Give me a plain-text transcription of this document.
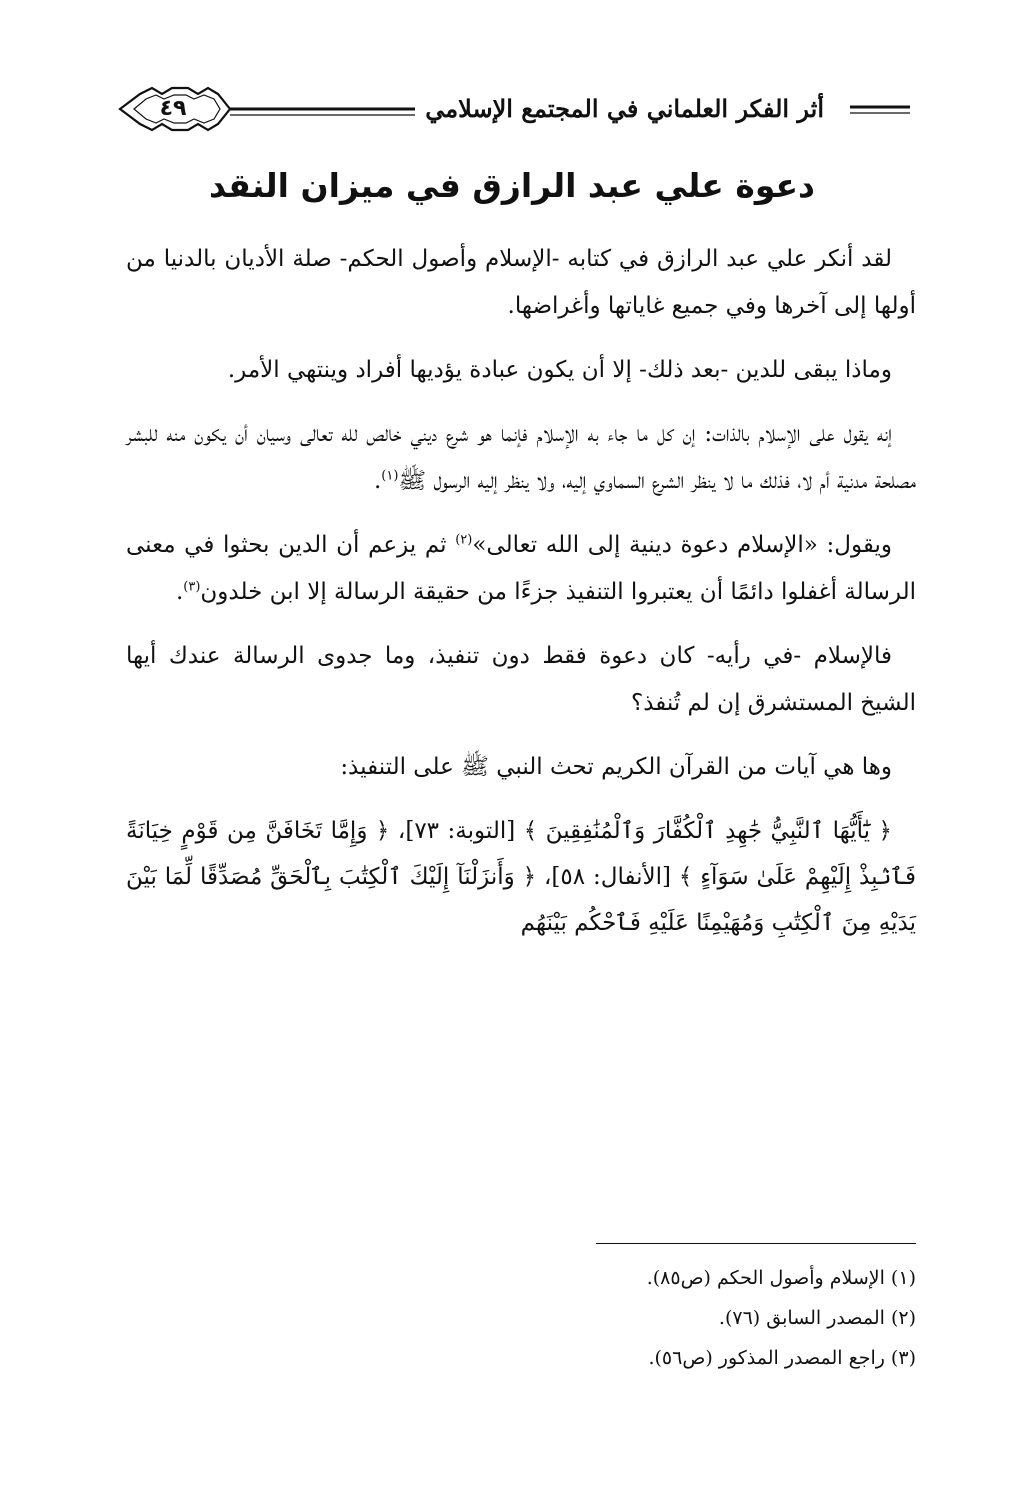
٤٩	أثر الفكر العلماني في المجتمع الإسلامي
دعوة علي عبد الرازق في ميزان النقد

لقد أنكر علي عبد الرازق في كتابه -الإسلام وأصول الحكم- صلة الأديان بالدنيا من أولها إلى آخرها وفي جميع غاياتها وأغراضها.

وماذا يبقى للدين -بعد ذلك- إلا أن يكون عبادة يؤديها أفراد وينتهي الأمر.

إنه يقول على الإسلام بالذات: إن كل ما جاء به الإسلام فإنما هو شرع ديني خالص لله تعالى وسيان أن يكون منه للبشر مصلحة مدنية أم لا، فذلك ما لا ينظر الشرع السماوي إليه، ولا ينظر إليه الرسول ﷺ$^{(١)}$.

ويقول: «الإسلام دعوة دينية إلى الله تعالى»$^{(٢)}$ ثم يزعم أن الدين بحثوا في معنى الرسالة أغفلوا دائمًا أن يعتبروا التنفيذ جزءًا من حقيقة الرسالة إلا ابن خلدون$^{(٣)}$.

فالإسلام -في رأيه- كان دعوة فقط دون تنفيذ، وما جدوى الرسالة عندك أيها الشيخ المستشرق إن لم تُنفذ؟

وها هي آيات من القرآن الكريم تحث النبي ﷺ على التنفيذ:

﴿ يَٰٓأَيُّهَا ٱلنَّبِيُّ جَٰهِدِ ٱلْكُفَّارَ وَٱلْمُنَٰفِقِينَ ﴾ [التوبة: ٧٣]، ﴿ وَإِمَّا تَخَافَنَّ مِن قَوْمٍ خِيَانَةً فَٱنۢبِذْ إِلَيْهِمْ عَلَىٰ سَوَآءٍ ﴾ [الأنفال: ٥٨]، ﴿ وَأَنزَلْنَآ إِلَيْكَ ٱلْكِتَٰبَ بِٱلْحَقِّ مُصَدِّقًا لِّمَا بَيْنَ يَدَيْهِ مِنَ ٱلْكِتَٰبِ وَمُهَيْمِنًا عَلَيْهِ فَٱحْكُم بَيْنَهُم

(١) الإسلام وأصول الحكم (ص٨٥).
(٢) المصدر السابق (٧٦).
(٣) راجع المصدر المذكور (ص٥٦).
